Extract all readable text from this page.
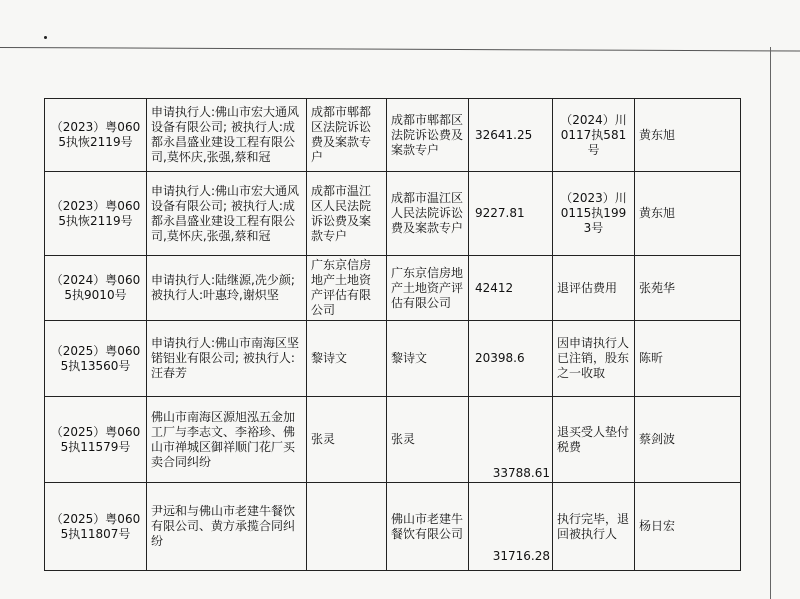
（2023）粤0605执恢2119号	申请执行人:佛山市宏大通风设备有限公司; 被执行人:成都永昌盛业建设工程有限公司,莫怀庆,张强,蔡和冠	成都市郫都区法院诉讼费及案款专户	成都市郫都区法院诉讼费及案款专户	32641.25	（2024）川0117执581号	黄东旭
（2023）粤0605执恢2119号	申请执行人:佛山市宏大通风设备有限公司; 被执行人:成都永昌盛业建设工程有限公司,莫怀庆,张强,蔡和冠	成都市温江区人民法院诉讼费及案款专户	成都市温江区人民法院诉讼费及案款专户	9227.81	（2023）川0115执1993号	黄东旭
（2024）粤0605执9010号	申请执行人:陆继源,冼少颜; 被执行人:叶惠玲,谢炽坚	广东京信房地产土地资产评估有限公司	广东京信房地产土地资产评估有限公司	42412	退评估费用	张苑华
（2025）粤0605执13560号	申请执行人:佛山市南海区坚锘铝业有限公司; 被执行人:汪春芳	黎诗文	黎诗文	20398.6	因申请执行人已注销，股东之一收取	陈昕
（2025）粤0605执11579号	佛山市南海区源旭泓五金加工厂与李志文、李裕珍、佛山市禅城区御祥顺门花厂买卖合同纠纷	张灵	张灵	33788.61	退买受人垫付税费	蔡剑波
（2025）粤0605执11807号	尹远和与佛山市老建牛餐饮有限公司、黄方承揽合同纠纷		佛山市老建牛餐饮有限公司	31716.28	执行完毕，退回被执行人	杨日宏
